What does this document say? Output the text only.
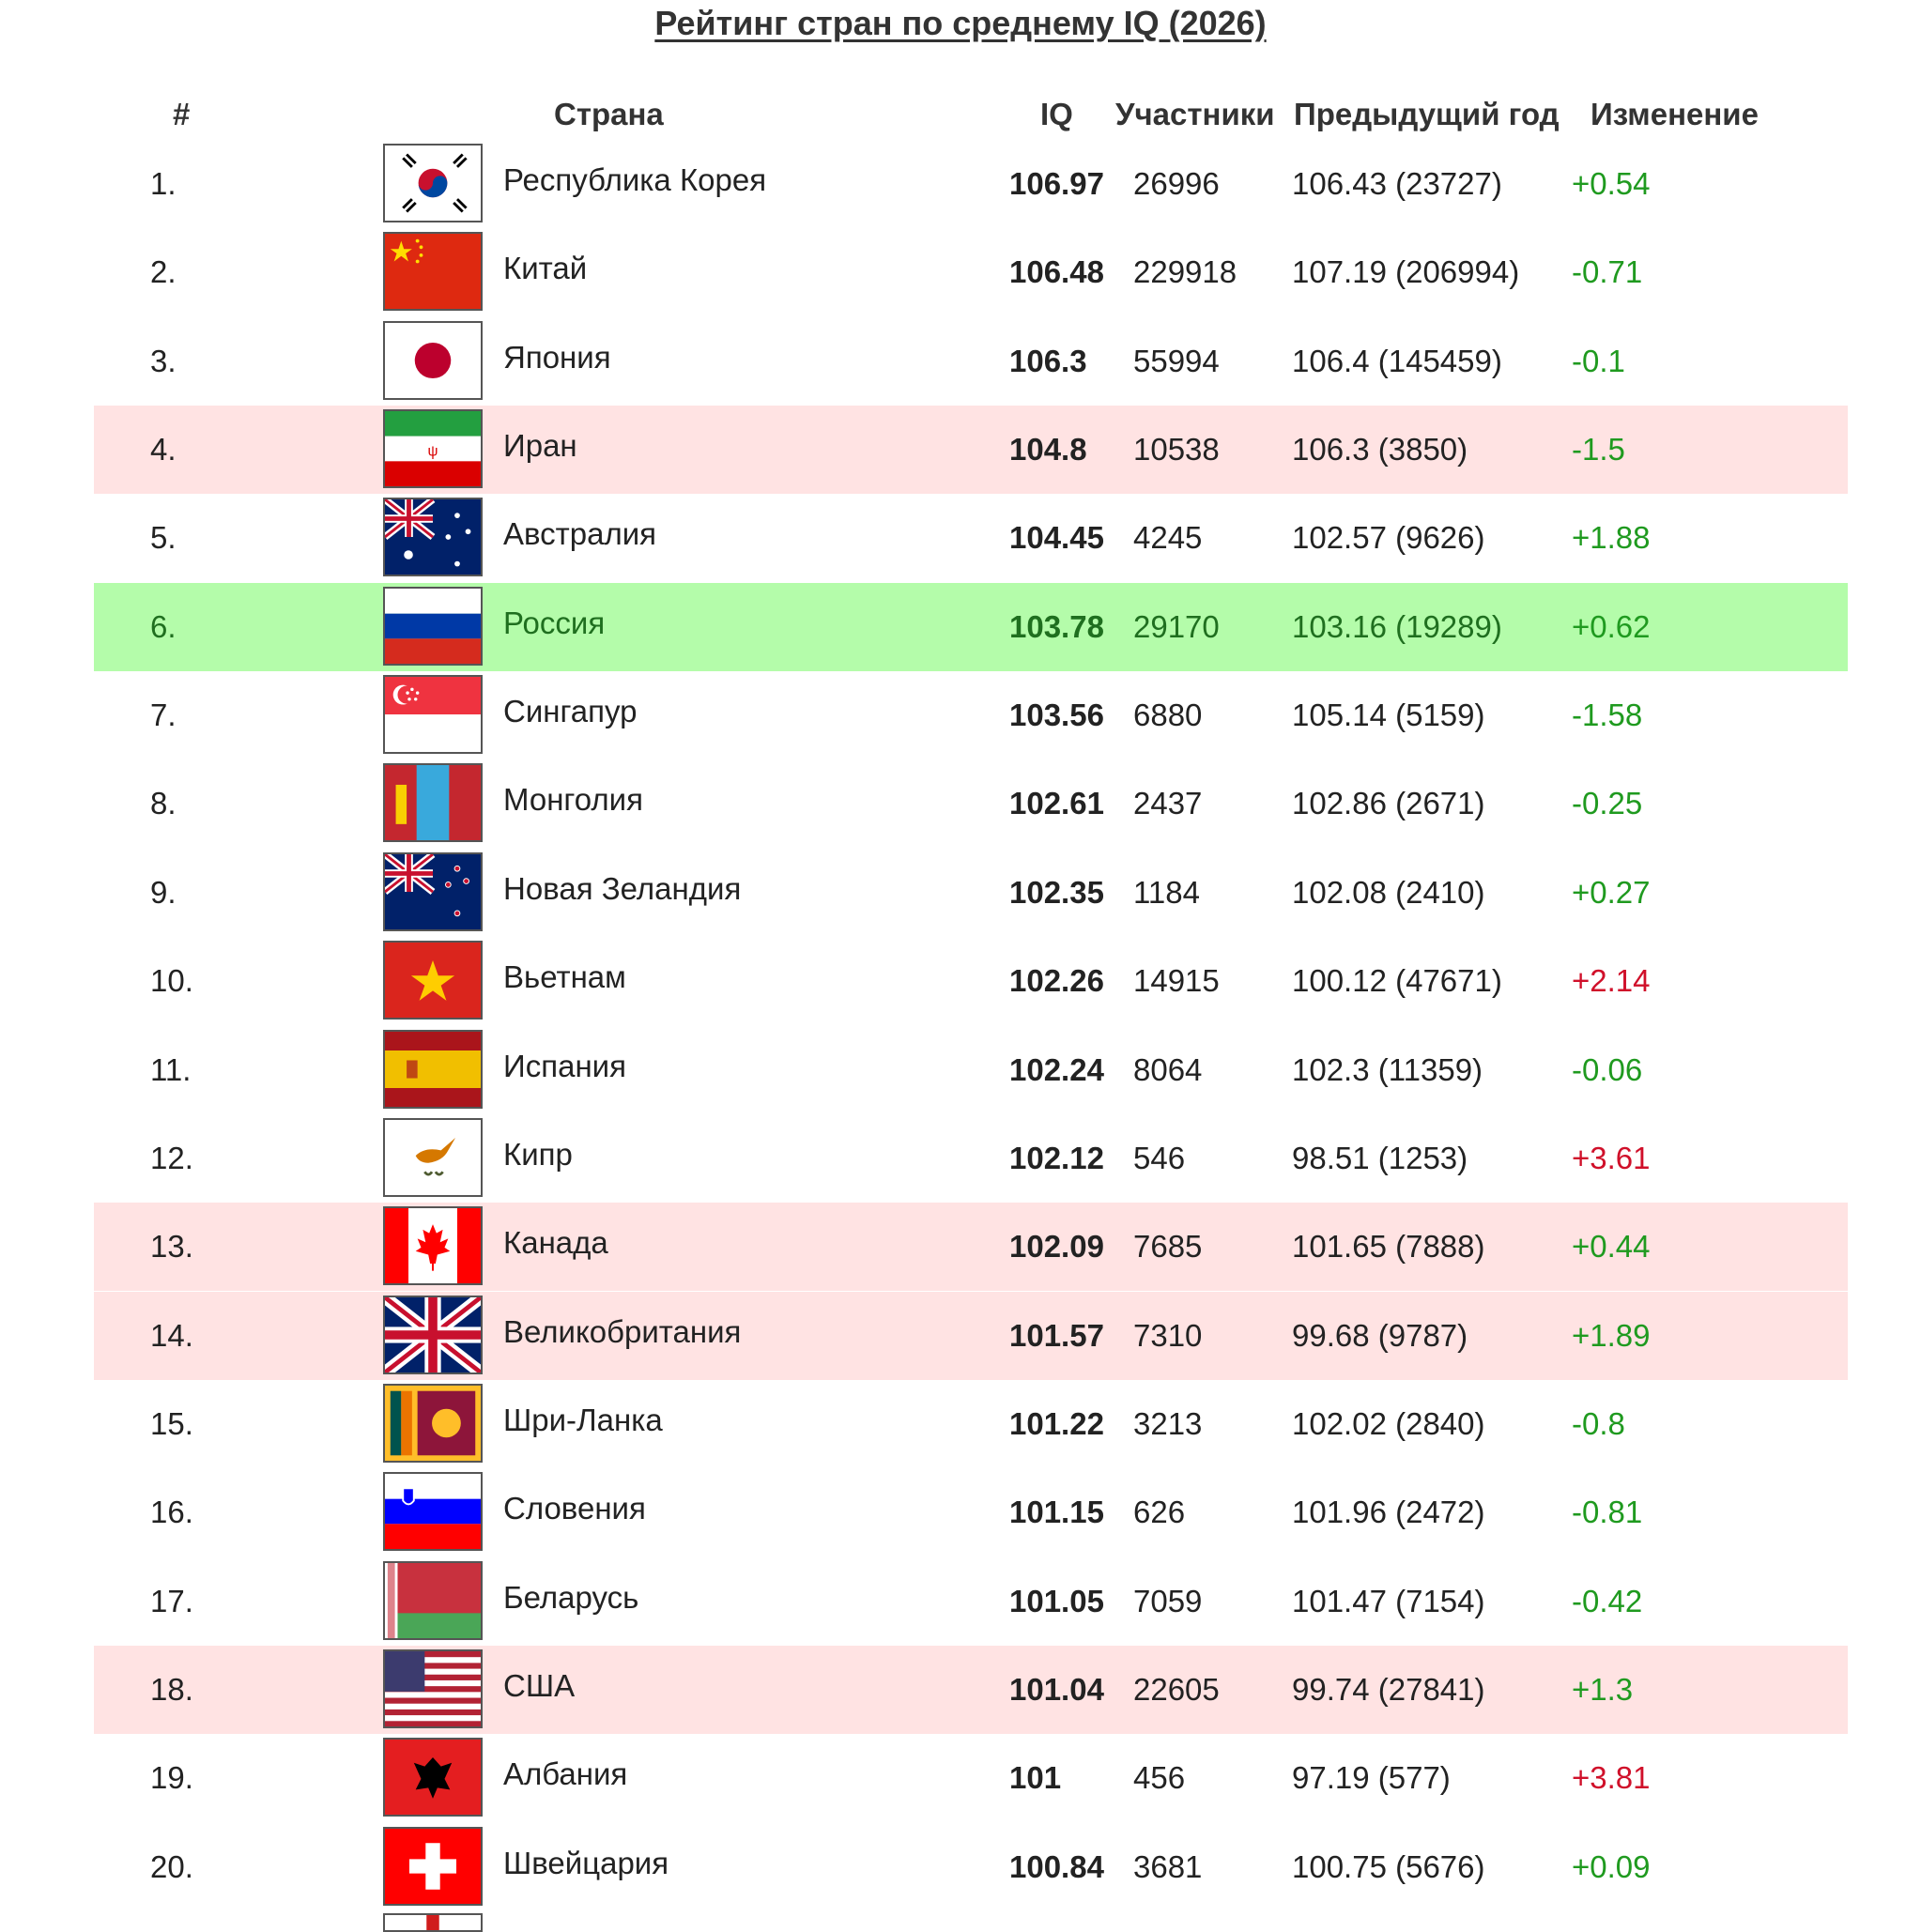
Рейтинг стран по среднему IQ (2026)
#	Страна	IQ Участники Предыдущий год Изменение
1.	Республика Корея	106.97 26996 106.43 (23727) +0.54
2.	Китай	106.48 229918 107.19 (206994) -0.71
3.	Япония	106.3 55994 106.4 (145459) -0.1
4.	ψ Иран	104.8 10538 106.3 (3850)	-1.5
5.	Австралия	104.45 4245	102.57 (9626)	+1.88
6.	Россия	103.78 29170 103.16 (19289) +0.62
7.	Сингапур	103.56 6880	105.14 (5159)	-1.58
8.	Монголия	102.61 2437	102.86 (2671)	-0.25
9.	Новая Зеландия	102.35 1184	102.08 (2410)	+0.27
10.	Вьетнам	102.26 14915 100.12 (47671) +2.14
11.	Испания	102.24 8064	102.3 (11359)	-0.06
12.	Кипр	102.12 546	98.51 (1253)	+3.61
13.	Канада	102.09 7685	101.65 (7888)	+0.44
14.	Великобритания	101.57 7310	99.68 (9787)	+1.89
15.	Шри-Ланка	101.22 3213	102.02 (2840)	-0.8
16.	Словения	101.15 626	101.96 (2472)	-0.81
17.	Беларусь	101.05 7059	101.47 (7154)	-0.42
18.	США	101.04 22605 99.74 (27841)	+1.3
19.	Албания	101 456	97.19 (577)	+3.81
20.	Швейцария	100.84 3681	100.75 (5676)	+0.09
